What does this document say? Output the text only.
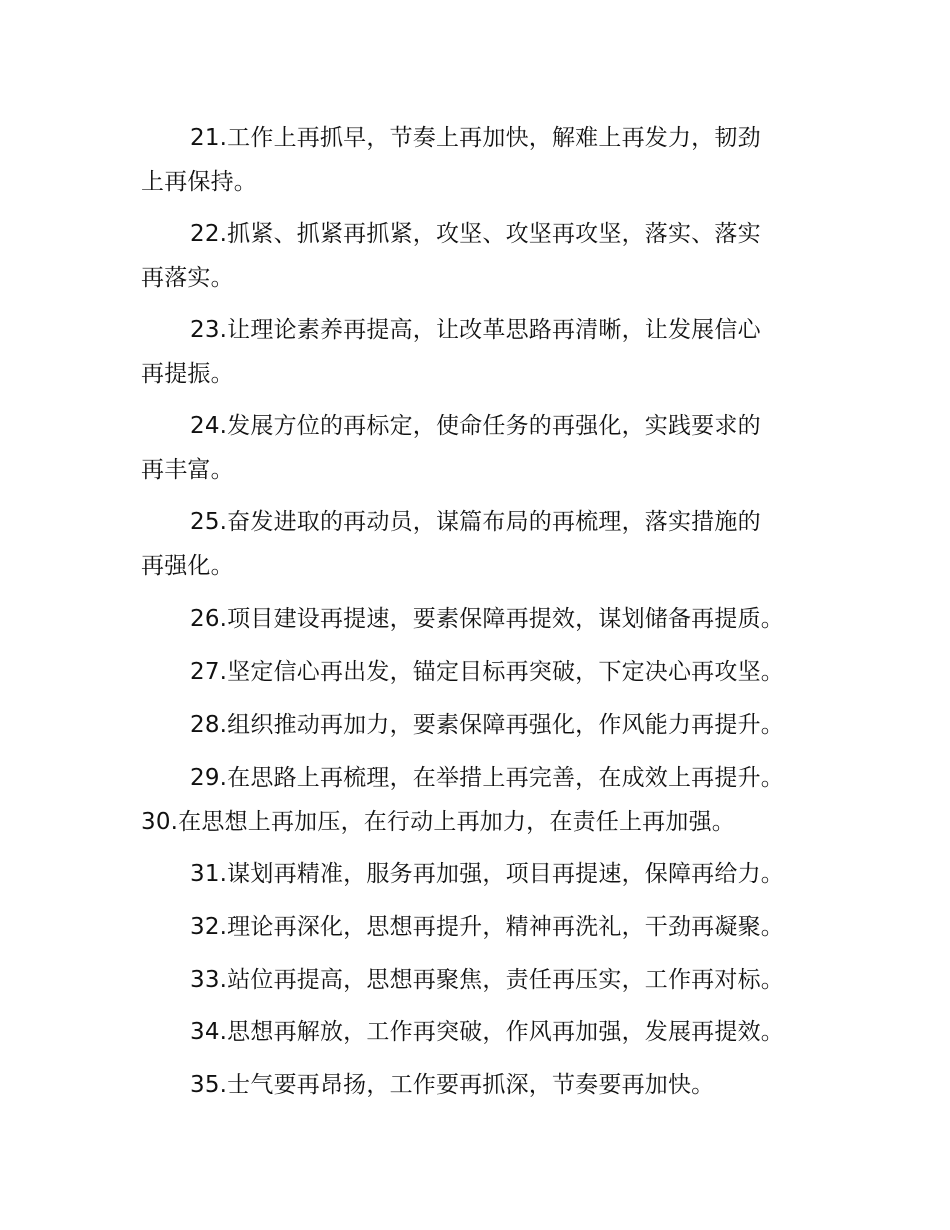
21.工作上再抓早，节奏上再加快，解难上再发力，韧劲
上再保持。
22.抓紧、抓紧再抓紧，攻坚、攻坚再攻坚，落实、落实
再落实。
23.让理论素养再提高，让改革思路再清晰，让发展信心
再提振。
24.发展方位的再标定，使命任务的再强化，实践要求的
再丰富。
25.奋发进取的再动员，谋篇布局的再梳理，落实措施的
再强化。
26.项目建设再提速，要素保障再提效，谋划储备再提质。
27.坚定信心再出发，锚定目标再突破，下定决心再攻坚。
28.组织推动再加力，要素保障再强化，作风能力再提升。
29.在思路上再梳理，在举措上再完善，在成效上再提升。
30.在思想上再加压，在行动上再加力，在责任上再加强。
31.谋划再精准，服务再加强，项目再提速，保障再给力。
32.理论再深化，思想再提升，精神再洗礼，干劲再凝聚。
33.站位再提高，思想再聚焦，责任再压实，工作再对标。
34.思想再解放，工作再突破，作风再加强，发展再提效。
35.士气要再昂扬，工作要再抓深，节奏要再加快。
